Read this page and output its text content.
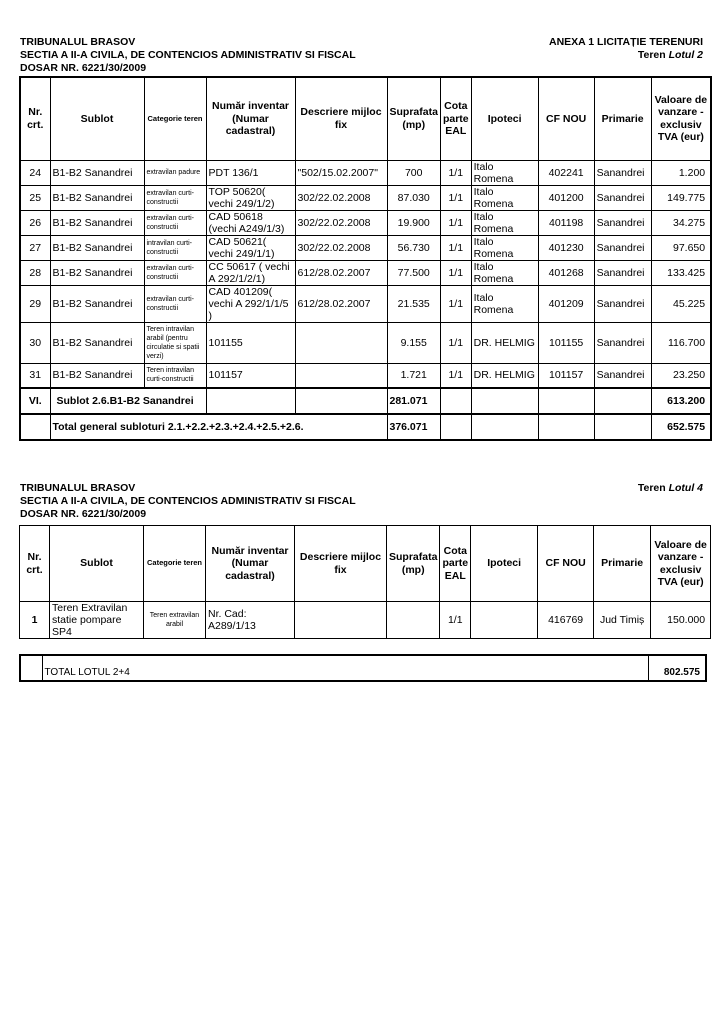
TRIBUNALUL BRASOV
SECTIA A II-A CIVILA, DE CONTENCIOS ADMINISTRATIV SI FISCAL
DOSAR NR. 6221/30/2009
ANEXA 1 LICITAȚIE TERENURI
Teren Lotul 2
Nr. crt.	Sublot	Categorie teren	Număr inventar (Numar cadastral)	Descriere mijloc fix	Suprafata (mp)	Cota parte EAL	Ipoteci	CF NOU	Primarie	Valoare de vanzare - exclusiv TVA (eur)
24	B1-B2 Sanandrei	extravilan padure	PDT 136/1	"502/15.02.2007"	700	1/1	Italo Romena	402241	Sanandrei	1.200
25	B1-B2 Sanandrei	extravilan curti-constructii	TOP 50620( vechi 249/1/2)	302/22.02.2008	87.030	1/1	Italo Romena	401200	Sanandrei	149.775
26	B1-B2 Sanandrei	extravilan curti-constructii	CAD 50618 (vechi A249/1/3)	302/22.02.2008	19.900	1/1	Italo Romena	401198	Sanandrei	34.275
27	B1-B2 Sanandrei	intravilan curti-constructii	CAD 50621( vechi 249/1/1)	302/22.02.2008	56.730	1/1	Italo Romena	401230	Sanandrei	97.650
28	B1-B2 Sanandrei	extravilan curti-constructii	CC 50617 ( vechi A 292/1/2/1)	612/28.02.2007	77.500	1/1	Italo Romena	401268	Sanandrei	133.425
29	B1-B2 Sanandrei	extravilan curti-constructii	CAD 401209( vechi A 292/1/1/5 )	612/28.02.2007	21.535	1/1	Italo Romena	401209	Sanandrei	45.225
30	B1-B2 Sanandrei	Teren intravilan arabil (pentru circulatie si spatii verzi)	101155		9.155	1/1	DR. HELMIG	101155	Sanandrei	116.700
31	B1-B2 Sanandrei	Teren intravilan curti-constructii	101157		1.721	1/1	DR. HELMIG	101157	Sanandrei	23.250
VI.	Sublot 2.6.B1-B2 Sanandrei				281.071					613.200
	Total general subloturi 2.1.+2.2.+2.3.+2.4.+2.5.+2.6.				376.071					652.575
TRIBUNALUL BRASOV
SECTIA A II-A CIVILA, DE CONTENCIOS ADMINISTRATIV SI FISCAL
DOSAR NR. 6221/30/2009
Teren Lotul 4
Nr. crt.	Sublot	Categorie teren	Număr inventar (Numar cadastral)	Descriere mijloc fix	Suprafata (mp)	Cota parte EAL	Ipoteci	CF NOU	Primarie	Valoare de vanzare - exclusiv TVA (eur)
1	Teren Extravilan statie pompare SP4	Teren extravilan arabil	Nr. Cad: A289/1/13			1/1		416769	Jud Timiș	150.000
	TOTAL LOTUL 2+4	802.575
